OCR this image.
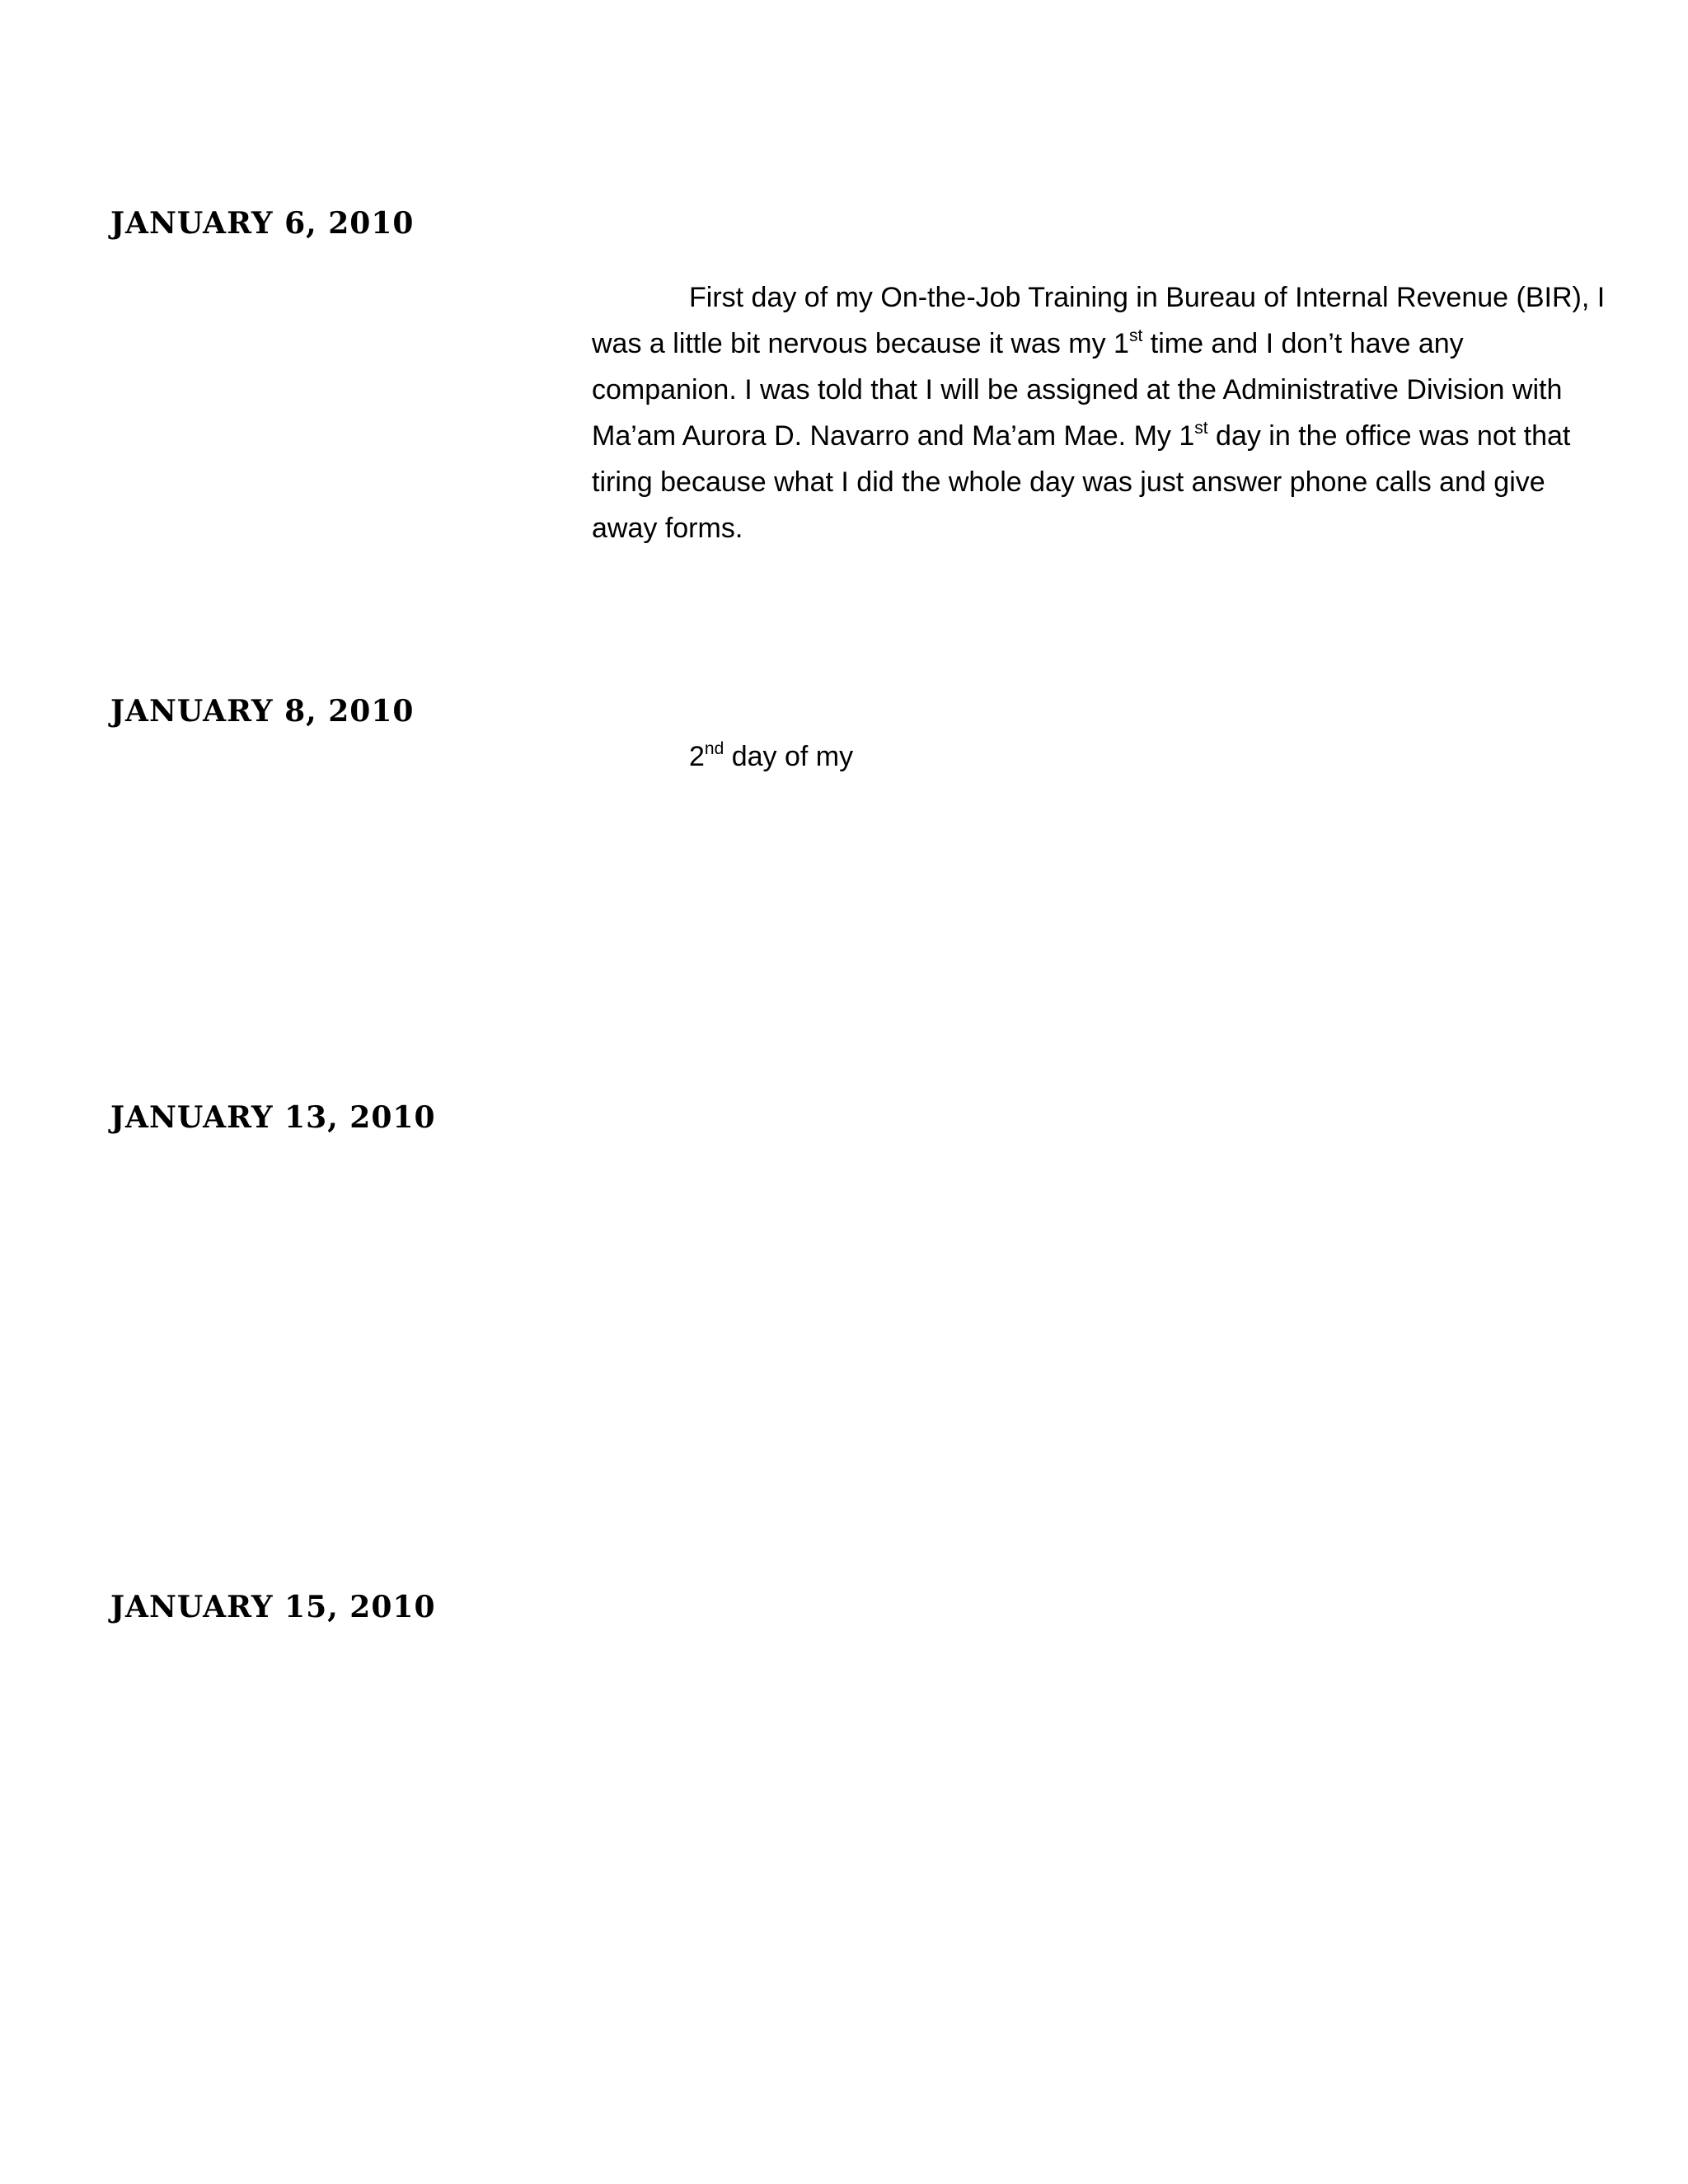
JANUARY 6, 2010

First day of my On-the-Job Training in Bureau of Internal Revenue (BIR), I was a little bit nervous because it was my 1st time and I don’t have any companion. I was told that I will be assigned at the Administrative Division with Ma’am Aurora D. Navarro and Ma’am Mae. My 1st day in the office was not that tiring because what I did the whole day was just answer phone calls and give away forms.

JANUARY 8, 2010

2nd day of my

JANUARY 13, 2010
JANUARY 15, 2010
